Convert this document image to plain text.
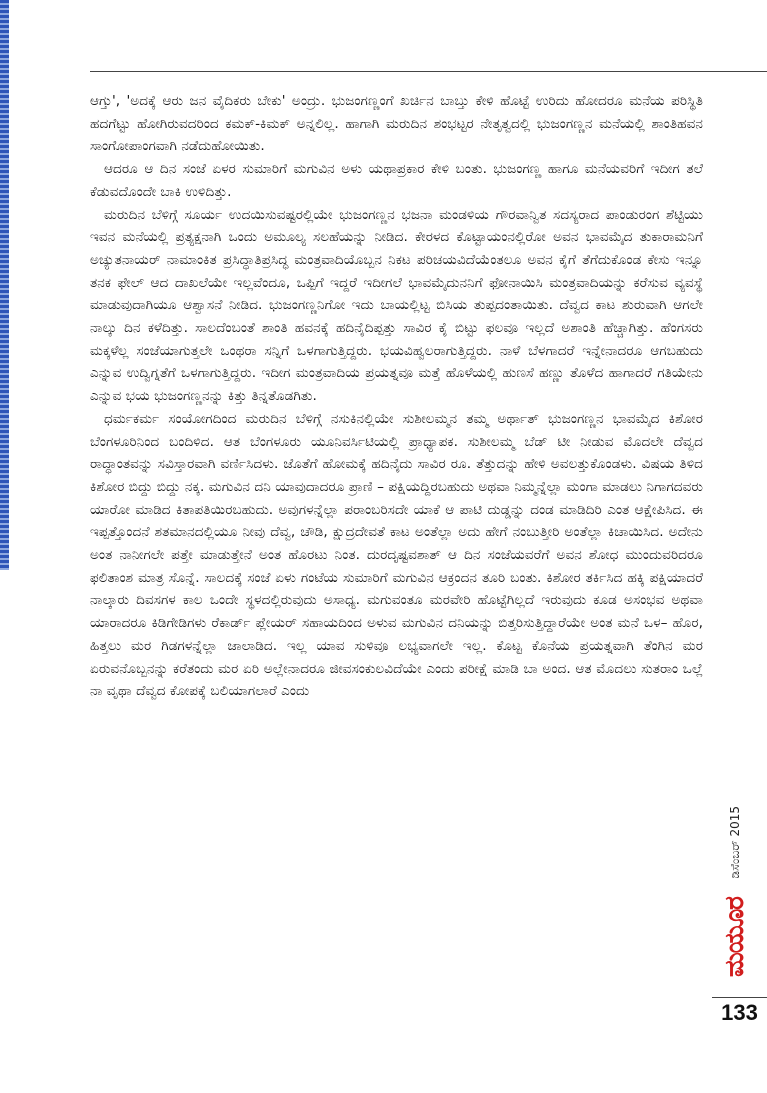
ಆಗ್ತು', 'ಅದಕ್ಕೆ ಆರು ಜನ ವೈದಿಕರು ಬೇಕು' ಅಂದ್ರು. ಭುಜಂಗಣ್ಣಂಗೆ ಖರ್ಚಿನ ಬಾಬ್ತು ಕೇಳಿ ಹೊಟ್ಟೆ ಉರಿದು ಹೋದರೂ ಮನೆಯ ಪರಿಸ್ಥಿತಿ ಹದಗೆಟ್ಟು ಹೋಗಿರುವದರಿಂದ ಕಮಕ್-ಕಿಮಕ್ ಅನ್ನಲಿಲ್ಲ. ಹಾಗಾಗಿ ಮರುದಿನ ಶಂಭಟ್ಟರ ನೇತೃತ್ವದಲ್ಲಿ ಭುಜಂಗಣ್ಣನ ಮನೆಯಲ್ಲಿ ಶಾಂತಿಹವನ ಸಾಂಗೋಪಾಂಗವಾಗಿ ನಡೆದುಹೋಯಿತು.

ಆದರೂ ಆ ದಿನ ಸಂಜೆ ಏಳರ ಸುಮಾರಿಗೆ ಮಗುವಿನ ಅಳು ಯಥಾಪ್ರಕಾರ ಕೇಳಿ ಬಂತು. ಭುಜಂಗಣ್ಣ ಹಾಗೂ ಮನೆಯವರಿಗೆ ಇದೀಗ ತಲೆ ಕೆಡುವದೊಂದೇ ಬಾಕಿ ಉಳಿದಿತ್ತು.

ಮರುದಿನ ಬೆಳಿಗ್ಗೆ ಸೂರ್ಯ ಉದಯಿಸುವಷ್ಟರಲ್ಲಿಯೇ ಭುಜಂಗಣ್ಣನ ಭಜನಾ ಮಂಡಳಿಯ ಗೌರವಾನ್ವಿತ ಸದಸ್ಯರಾದ ಪಾಂಡುರಂಗ ಶೆಟ್ಟಿಯು ಇವನ ಮನೆಯಲ್ಲಿ ಪ್ರತ್ಯಕ್ಷನಾಗಿ ಒಂದು ಅಮೂಲ್ಯ ಸಲಹೆಯನ್ನು ನೀಡಿದ. ಕೇರಳದ ಕೊಟ್ಟಾಯಂನಲ್ಲಿರೋ ಅವನ ಭಾವಮೈದ ತುಕಾರಾಮನಿಗೆ ಅಚ್ಯುತನಾಯರ್ ನಾಮಾಂಕಿತ ಪ್ರಸಿದ್ಧಾತಿಪ್ರಸಿದ್ಧ ಮಂತ್ರವಾದಿಯೊಬ್ಬನ ನಿಕಟ ಪರಿಚಯವಿದೆಯೆಂತಲೂ ಅವನ ಕೈಗೆ ತೆಗೆದುಕೊಂಡ ಕೇಸು ಇನ್ನೂ ತನಕ ಫೇಲ್ ಆದ ದಾಖಲೆಯೇ ಇಲ್ಲವೆಂದೂ, ಒಪ್ಪಿಗೆ ಇದ್ದರೆ ಇದೀಗಲೆ ಭಾವಮೈದುನನಿಗೆ ಫೋನಾಯಿಸಿ ಮಂತ್ರವಾದಿಯನ್ನು ಕರೆಸುವ ವ್ಯವಸ್ಥೆ ಮಾಡುವುದಾಗಿಯೂ ಆಶ್ವಾಸನೆ ನೀಡಿದ. ಭುಜಂಗಣ್ಣನಿಗೋ ಇದು ಬಾಯಲ್ಲಿಟ್ಟ ಬಿಸಿಯ ತುಪ್ಪದಂತಾಯಿತು. ದೆವ್ವದ ಕಾಟ ಶುರುವಾಗಿ ಆಗಲೇ ನಾಲ್ಕು ದಿನ ಕಳೆದಿತ್ತು. ಸಾಲದೆಂಬಂತೆ ಶಾಂತಿ ಹವನಕ್ಕೆ ಹದಿನೈದಿಪ್ಪತ್ತು ಸಾವಿರ ಕೈ ಬಿಟ್ಟು ಫಲವೂ ಇಲ್ಲದೆ ಅಶಾಂತಿ ಹೆಚ್ಚಾಗಿತ್ತು. ಹೆಂಗಸರು ಮಕ್ಕಳೆಲ್ಲ ಸಂಜೆಯಾಗುತ್ತಲೇ ಒಂಥರಾ ಸನ್ನಿಗೆ ಒಳಗಾಗುತ್ತಿದ್ದರು. ಭಯವಿಹ್ವಲರಾಗುತ್ತಿದ್ದರು. ನಾಳೆ ಬೆಳಗಾದರೆ ಇನ್ನೇನಾದರೂ ಆಗಬಹುದು ಎನ್ನುವ ಉದ್ವಿಗ್ನತೆಗೆ ಒಳಗಾಗುತ್ತಿದ್ದರು. ಇದೀಗ ಮಂತ್ರವಾದಿಯ ಪ್ರಯತ್ನವೂ ಮತ್ತೆ ಹೊಳೆಯಲ್ಲಿ ಹುಣಸೆ ಹಣ್ಣು ತೊಳೆದ ಹಾಗಾದರೆ ಗತಿಯೇನು ಎನ್ನುವ ಭಯ ಭುಜಂಗಣ್ಣನನ್ನು ಕಿತ್ತು ತಿನ್ನತೊಡಗಿತು.

ಧರ್ಮಕರ್ಮ ಸಂಯೋಗದಿಂದ ಮರುದಿನ ಬೆಳಿಗ್ಗೆ ನಸುಕಿನಲ್ಲಿಯೇ ಸುಶೀಲಮ್ಮನ ತಮ್ಮ ಅರ್ಥಾತ್ ಭುಜಂಗಣ್ಣನ ಭಾವಮೈದ ಕಿಶೋರ ಬೆಂಗಳೂರಿನಿಂದ ಬಂದಿಳಿದ. ಆತ ಬೆಂಗಳೂರು ಯೂನಿವರ್ಸಿಟಿಯಲ್ಲಿ ಪ್ರಾಧ್ಯಾಪಕ. ಸುಶೀಲಮ್ಮ ಬೆಡ್ ಟೀ ನೀಡುವ ಮೊದಲೇ ದೆವ್ವದ ರಾದ್ಧಾಂತವನ್ನು ಸವಿಸ್ತಾರವಾಗಿ ವರ್ಣಿಸಿದಳು. ಜೊತೆಗೆ ಹೋಮಕ್ಕೆ ಹದಿನೈದು ಸಾವಿರ ರೂ. ತೆತ್ತುದನ್ನು ಹೇಳಿ ಅವಲತ್ತುಕೊಂಡಳು. ವಿಷಯ ತಿಳಿದ ಕಿಶೋರ ಬಿದ್ದು ಬಿದ್ದು ನಕ್ಕ. ಮಗುವಿನ ದನಿ ಯಾವುದಾದರೂ ಪ್ರಾಣಿ – ಪಕ್ಷಿಯದ್ದಿರಬಹುದು ಅಥವಾ ನಿಮ್ಮನ್ನೆಲ್ಲಾ ಮಂಗಾ ಮಾಡಲು ನಿಗಾಗದವರು ಯಾರೋ ಮಾಡಿದ ಕಿತಾಪತಿಯಿರಬಹುದು. ಅವುಗಳನ್ನೆಲ್ಲಾ ಪರಾಂಬರಿಸದೇ ಯಾಕೆ ಆ ಪಾಟಿ ದುಡ್ಡನ್ನು ದಂಡ ಮಾಡಿದಿರಿ ಎಂತ ಆಕ್ಷೇಪಿಸಿದ. ಈ ಇಪ್ಪತ್ತೊಂದನೆ ಶತಮಾನದಲ್ಲಿಯೂ ನೀವು ದೆವ್ವ, ಚೌಡಿ, ಕ್ಷುದ್ರದೇವತೆ ಕಾಟ ಅಂತೆಲ್ಲಾ ಅದು ಹೇಗೆ ನಂಬುತ್ತೀರಿ ಅಂತೆಲ್ಲಾ ಕಿಚಾಯಿಸಿದ. ಅದೇನು ಅಂತ ನಾನೀಗಲೇ ಪತ್ತೇ ಮಾಡುತ್ತೇನೆ ಅಂತ ಹೊರಟು ನಿಂತ. ದುರದೃಷ್ಟವಶಾತ್ ಆ ದಿನ ಸಂಜೆಯವರೆಗೆ ಅವನ ಶೋಧ ಮುಂದುವರಿದರೂ ಫಲಿತಾಂಶ ಮಾತ್ರ ಸೊನ್ನೆ. ಸಾಲದಕ್ಕೆ ಸಂಜೆ ಏಳು ಗಂಟೆಯ ಸುಮಾರಿಗೆ ಮಗುವಿನ ಆಕ್ರಂದನ ತೂರಿ ಬಂತು. ಕಿಶೋರ ತರ್ಕಿಸಿದ ಹಕ್ಕಿ ಪಕ್ಷಿಯಾದರೆ ನಾಲ್ಕಾರು ದಿವಸಗಳ ಕಾಲ ಒಂದೇ ಸ್ಥಳದಲ್ಲಿರುವುದು ಅಸಾಧ್ಯ. ಮಗುವಂತೂ ಮರವೇರಿ ಹೊಟ್ಟೆಗಿಲ್ಲದೆ ಇರುವುದು ಕೂಡ ಅಸಂಭವ ಅಥವಾ ಯಾರಾದರೂ ಕಿಡಿಗೇಡಿಗಳು ರೆಕಾರ್ಡ್ ಪ್ಲೇಯರ್ ಸಹಾಯದಿಂದ ಅಳುವ ಮಗುವಿನ ದನಿಯನ್ನು ಬಿತ್ತರಿಸುತ್ತಿದ್ದಾರೆಯೇ ಅಂತ ಮನೆ ಒಳ– ಹೊರ, ಹಿತ್ತಲು ಮರ ಗಿಡಗಳನ್ನೆಲ್ಲಾ ಜಾಲಾಡಿದ. ಇಲ್ಲ ಯಾವ ಸುಳಿವೂ ಲಭ್ಯವಾಗಲೇ ಇಲ್ಲ. ಕೊಟ್ಟ ಕೊನೆಯ ಪ್ರಯತ್ನವಾಗಿ ತೆಂಗಿನ ಮರ ಏರುವನೊಬ್ಬನನ್ನು ಕರೆತಂದು ಮರ ಏರಿ ಅಲ್ಲೇನಾದರೂ ಜೀವಸಂಕುಲವಿದೆಯೇ ಎಂದು ಪರೀಕ್ಷೆ ಮಾಡಿ ಬಾ ಅಂದ. ಆತ ಮೊದಲು ಸುತರಾಂ ಒಲ್ಲೆ ನಾ ವೃಥಾ ದೆವ್ವದ ಕೋಪಕ್ಕೆ ಬಲಿಯಾಗಲಾರೆ ಎಂದು

ಡಿಸೆಂಬರ್ 2015
ಮಯೂರ
133
